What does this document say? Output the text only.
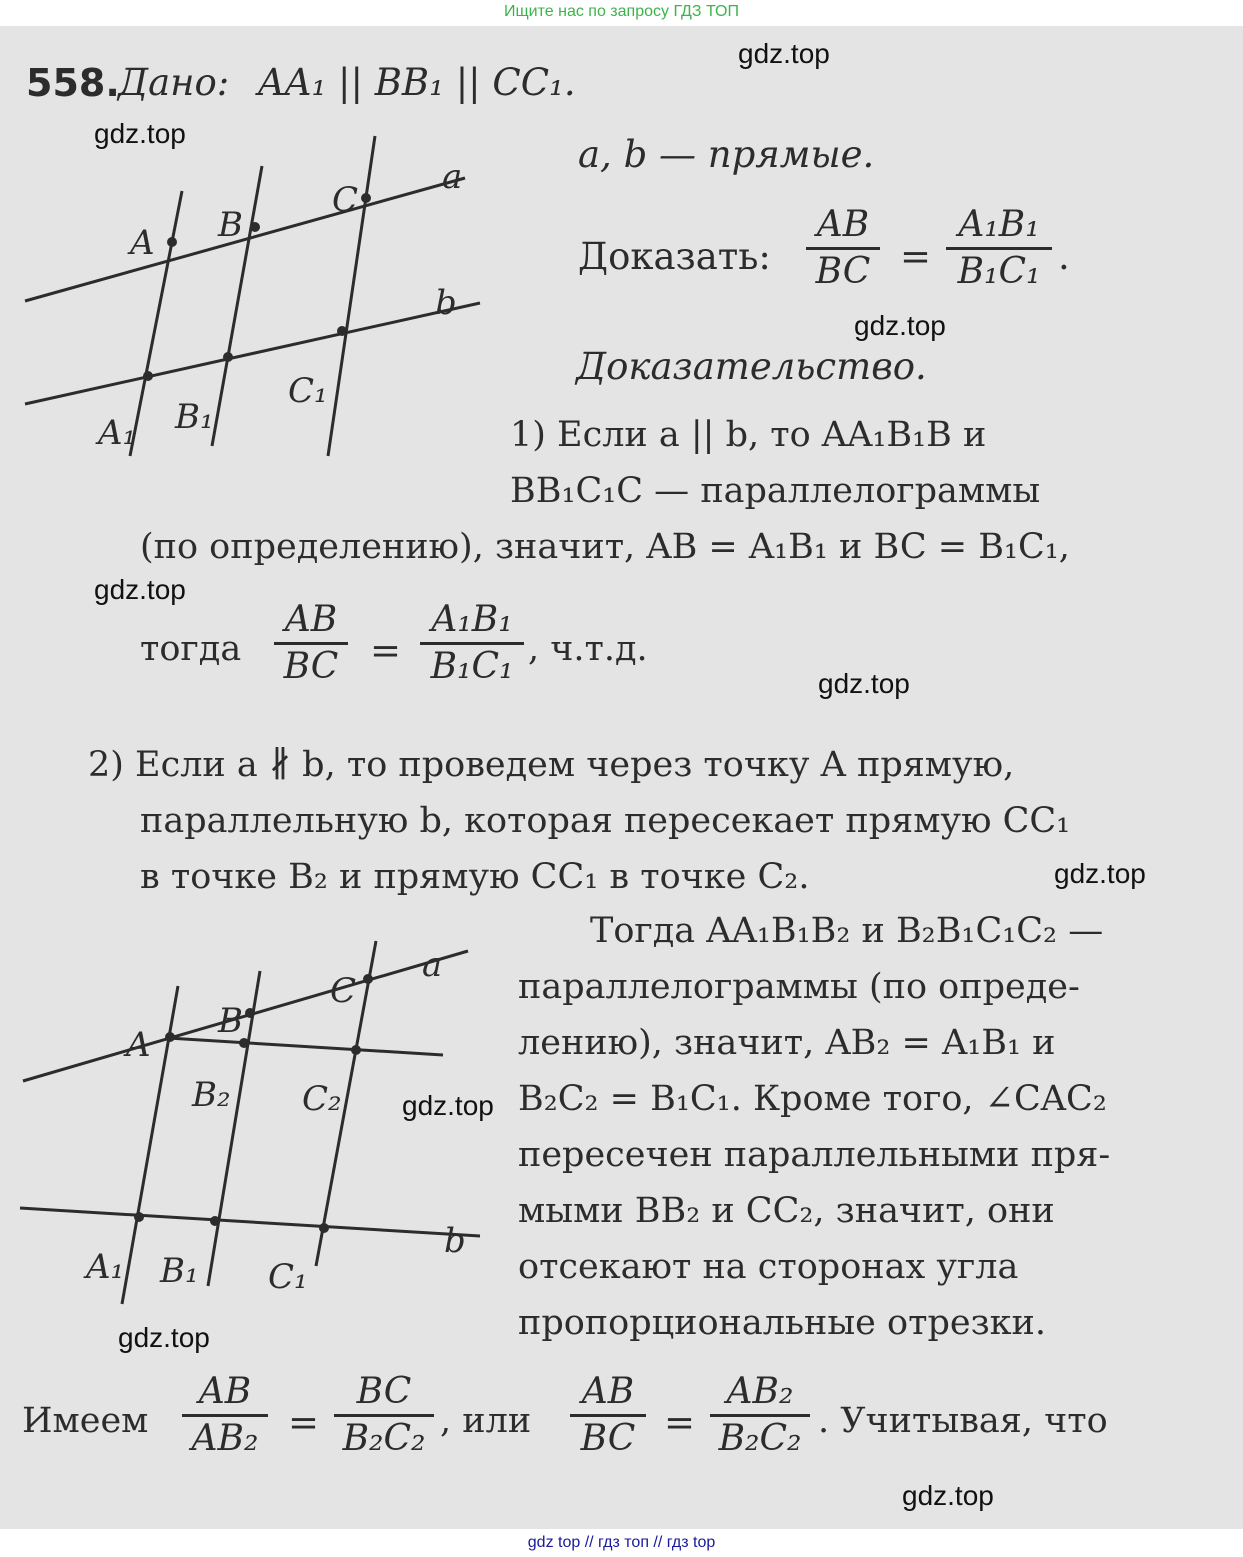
Ищите нас по запросу ГДЗ ТОП
558.
Дано: AA₁ || BB₁ || CC₁.
A B
C
a
b
A₁ B₁
C₁
a, b — прямые.
Доказать:
AB
BC =
A₁B₁
B₁C₁ .
Доказательство.
1) Если a || b, то AA₁B₁B и
BB₁C₁C — параллелограммы
(по определению), значит, AB = A₁B₁ и BC = B₁C₁,
тогда
AB
BC =
A₁B₁
B₁C₁ , ч.т.д.
2) Если a ∦ b, то проведем через точку A прямую,
параллельную b, которая пересекает прямую CC₁
в точке B₂ и прямую CC₁ в точке C₂.
A
B
C
a
b
B₂ C₂
A₁ B₁ C₁
Тогда AA₁B₁B₂ и B₂B₁C₁C₂ —
параллелограммы (по опреде-
лению), значит, AB₂ = A₁B₁ и
B₂C₂ = B₁C₁. Кроме того, ∠CAC₂
пересечен параллельными пря-
мыми BB₂ и CC₂, значит, они
отсекают на сторонах угла
пропорциональные отрезки.
Имеем
AB
AB₂ =
BC
B₂C₂ , или
AB
BC =
AB₂
B₂C₂ . Учитывая, что
gdz.top
gdz.top
gdz.top
gdz.top
gdz.top
gdz.top
gdz.top
gdz.top
gdz.top
gdz top // гдз топ // гдз top
